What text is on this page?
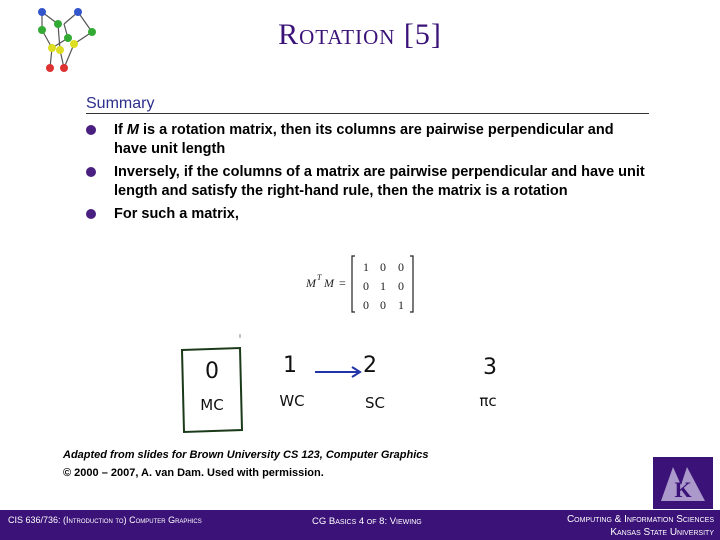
Rotation [5]
Summary
If M is a rotation matrix, then its columns are pairwise perpendicular and have unit length
Inversely, if the columns of a matrix are pairwise perpendicular and have unit length and satisfy the right-hand rule, then the matrix is a rotation
For such a matrix,
M T M =
1 0 0
0 1 0
0 0 1
0
MC
1
WC
2
SC
3
πc
Adapted from slides for Brown University CS 123, Computer Graphics
© 2000 – 2007, A. van Dam. Used with permission.
K
CIS 636/736: (Introduction to) Computer Graphics	CG Basics 4 of 8: Viewing	Computing & Information Sciences
Kansas State University
